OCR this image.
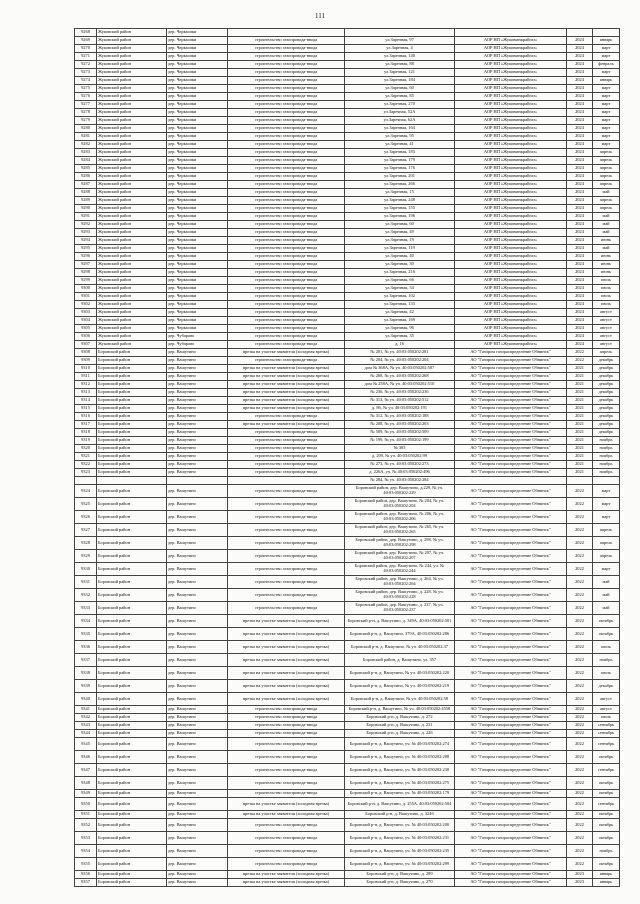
111
9268	Жуковский район	дер. Черкасики					
9269	Жуковский район	дер. Черкасики	строительство газопровода-ввода	ул.Заречная, 97	АОР НП «Жуковмежрайгаз»	2024	январь
9270	Жуковский район	дер. Черкасики	строительство газопровода-ввода	ул.Заречная, 4	АОР НП «Жуковмежрайгаз»	2024	март
9271	Жуковский район	дер. Черкасики	строительство газопровода-ввода	ул.Заречная, 140	АОР НП «Жуковмежрайгаз»	2024	март
9272	Жуковский район	дер. Черкасики	строительство газопровода-ввода	ул.Заречная, 88	АОР НП «Жуковмежрайгаз»	2024	февраль
9273	Жуковский район	дер. Черкасики	строительство газопровода-ввода	ул.Заречная, 121	АОР НП «Жуковмежрайгаз»	2024	март
9274	Жуковский район	дер. Черкасики	строительство газопровода-ввода	ул.Заречная, 184	АОР НП «Жуковмежрайгаз»	2024	январь
9275	Жуковский район	дер. Черкасики	строительство газопровода-ввода	ул.Заречная, 60	АОР НП «Жуковмежрайгаз»	2024	март
9276	Жуковский район	дер. Черкасики	строительство газопровода-ввода	ул.Заречная, 85	АОР НП «Жуковмежрайгаз»	2024	март
9277	Жуковский район	дер. Черкасики	строительство газопровода-ввода	ул.Заречная, 270	АОР НП «Жуковмежрайгаз»	2024	март
9278	Жуковский район	дер. Черкасики	строительство газопровода-ввода	ул.Заречная, 52А	АОР НП «Жуковмежрайгаз»	2024	март
9279	Жуковский район	дер. Черкасики	строительство газопровода-ввода	ул.Заречная, 62А	АОР НП «Жуковмежрайгаз»	2024	март
9280	Жуковский район	дер. Черкасики	строительство газопровода-ввода	ул.Заречная, 164	АОР НП «Жуковмежрайгаз»	2024	март
9281	Жуковский район	дер. Черкасики	строительство газопровода-ввода	ул.Заречная, 95	АОР НП «Жуковмежрайгаз»	2024	март
9282	Жуковский район	дер. Черкасики	строительство газопровода-ввода	ул.Заречная, 41	АОР НП «Жуковмежрайгаз»	2024	март
9283	Жуковский район	дер. Черкасики	строительство газопровода-ввода	ул.Заречная, 183	АОР НП «Жуковмежрайгаз»	2024	апрель
9284	Жуковский район	дер. Черкасики	строительство газопровода-ввода	ул.Заречная, 179	АОР НП «Жуковмежрайгаз»	2024	апрель
9285	Жуковский район	дер. Черкасики	строительство газопровода-ввода	ул.Заречная, 176	АОР НП «Жуковмежрайгаз»	2024	апрель
9286	Жуковский район	дер. Черкасики	строительство газопровода-ввода	ул.Заречная, 201	АОР НП «Жуковмежрайгаз»	2024	апрель
9287	Жуковский район	дер. Черкасики	строительство газопровода-ввода	ул.Заречная, 266	АОР НП «Жуковмежрайгаз»	2024	апрель
9288	Жуковский район	дер. Черкасики	строительство газопровода-ввода	ул.Заречная, 15	АОР НП «Жуковмежрайгаз»	2024	май
9289	Жуковский район	дер. Черкасики	строительство газопровода-ввода	ул.Заречная, 248	АОР НП «Жуковмежрайгаз»	2024	апрель
9290	Жуковский район	дер. Черкасики	строительство газопровода-ввода	ул.Заречная, 155	АОР НП «Жуковмежрайгаз»	2024	апрель
9291	Жуковский район	дер. Черкасики	строительство газопровода-ввода	ул.Заречная, 196	АОР НП «Жуковмежрайгаз»	2024	май
9292	Жуковский район	дер. Черкасики	строительство газопровода-ввода	ул.Заречная, 60	АОР НП «Жуковмежрайгаз»	2024	май
9293	Жуковский район	дер. Черкасики	строительство газопровода-ввода	ул.Заречная, 49	АОР НП «Жуковмежрайгаз»	2024	май
9294	Жуковский район	дер. Черкасики	строительство газопровода-ввода	ул.Заречная, 19	АОР НП «Жуковмежрайгаз»	2024	июнь
9295	Жуковский район	дер. Черкасики	строительство газопровода-ввода	ул.Заречная, 119	АОР НП «Жуковмежрайгаз»	2024	май
9296	Жуковский район	дер. Черкасики	строительство газопровода-ввода	ул.Заречная, 40	АОР НП «Жуковмежрайгаз»	2024	июнь
9297	Жуковский район	дер. Черкасики	строительство газопровода-ввода	ул.Заречная, 30	АОР НП «Жуковмежрайгаз»	2024	июнь
9298	Жуковский район	дер. Черкасики	строительство газопровода-ввода	ул.Заречная, 216	АОР НП «Жуковмежрайгаз»	2024	июнь
9299	Жуковский район	дер. Черкасики	строительство газопровода-ввода	ул.Заречная, 66	АОР НП «Жуковмежрайгаз»	2024	июль
9300	Жуковский район	дер. Черкасики	строительство газопровода-ввода	ул.Заречная, 34	АОР НП «Жуковмежрайгаз»	2024	июль
9301	Жуковский район	дер. Черкасики	строительство газопровода-ввода	ул.Заречная, 102	АОР НП «Жуковмежрайгаз»	2024	июль
9302	Жуковский район	дер. Черкасики	строительство газопровода-ввода	ул.Заречная, 133	АОР НП «Жуковмежрайгаз»	2024	июль
9303	Жуковский район	дер. Черкасики	строительство газопровода-ввода	ул.Заречная, 42	АОР НП «Жуковмежрайгаз»	2024	август
9304	Жуковский район	дер. Черкасики	строительство газопровода-ввода	ул.Заречная, 169	АОР НП «Жуковмежрайгаз»	2024	август
9305	Жуковский район	дер. Черкасики	строительство газопровода-ввода	ул.Заречная, 96	АОР НП «Жуковмежрайгаз»	2024	август
9306	Жуковский район	дер. Чубарово	строительство газопровода-ввода	ул.Заречная, 35	АОР НП «Жуковмежрайгаз»	2024	август
9307	Жуковский район	дер. Чубарово	строительство газопровода-ввода	д. 16	АОР НП «Жуковмежрайгаз»	2024	август
9308	Боровский район	дер. Вашутино	врезка на участке заявителя (холодная врезка)	№ 281, № уч. 40:03:050202:281	АО "Газпром газораспределение Обнинск"	2022	апрель
9309	Боровский район	дер. Вашутино	строительство газопровода-ввода	№ 204, № уч. 40:03:050202:204	АО "Газпром газораспределение Обнинск"	2022	декабрь
9310	Боровский район	дер. Вашутино	врезка на участке заявителя (холодная врезка)	дом № 368А, № уч. 40:03:050202:507	АО "Газпром газораспределение Обнинск"	2021	декабрь
9311	Боровский район	дер. Вашутино	врезка на участке заявителя (холодная врезка)	№ 268, № уч. 40:03:050202:268	АО "Газпром газораспределение Обнинск"	2021	декабрь
9312	Боровский район	дер. Вашутино	врезка на участке заявителя (холодная врезка)	дом № 258А, № уч. 40:03:050202:510	АО "Газпром газораспределение Обнинск"	2021	декабрь
9313	Боровский район	дер. Вашутино	врезка на участке заявителя (холодная врезка)	№ 236, № уч. 40:03:050202:236	АО "Газпром газораспределение Обнинск"	2021	декабрь
9314	Боровский район	дер. Вашутино	врезка на участке заявителя (холодная врезка)	№ 313, № уч. 40:03:050202:512	АО "Газпром газораспределение Обнинск"	2021	декабрь
9315	Боровский район	дер. Вашутино	врезка на участке заявителя (холодная врезка)	д. 8б, № уч. 40:03:050202:191	АО "Газпром газораспределение Обнинск"	2021	декабрь
9316	Боровский район	дер. Вашутино	строительство газопровода-ввода	№ 312, № уч. 40:03:050202:188	АО "Газпром газораспределение Обнинск"	2021	декабрь
9317	Боровский район	дер. Вашутино	врезка на участке заявителя (холодная врезка)	№ 208, № уч. 40:03:050202:203	АО "Газпром газораспределение Обнинск"	2021	декабрь
9318	Боровский район	дер. Вашутино	строительство газопровода-ввода	№ 509, № уч. 40:03:050202:509	АО "Газпром газораспределение Обнинск"	2021	декабрь
9319	Боровский район	дер. Вашутино	строительство газопровода-ввода	№ 199, № уч. 40:03:050202:199	АО "Газпром газораспределение Обнинск"	2021	ноябрь
9320	Боровский район	дер. Вашутино	строительство газопровода-ввода	№ 305	АО "Газпром газораспределение Обнинск"	2021	ноябрь
9321	Боровский район	дер. Вашутино	строительство газопровода-ввода	д. 209, № уч. 40:03:050202:99	АО "Газпром газораспределение Обнинск"	2021	ноябрь
9322	Боровский район	дер. Вашутино	строительство газопровода-ввода	№ 273, № уч. 40:03:050202:273	АО "Газпром газораспределение Обнинск"	2021	ноябрь
9323	Боровский район	дер. Вашутино	строительство газопровода-ввода	д. 226А, уч. № 40:03:050202:496	АО "Газпром газораспределение Обнинск"	2021	ноябрь
				№ 284, № уч. 40:03:050202:284			
9324	Боровский район	дер. Вашутино	строительство газопровода-ввода	Боровский район, дер. Вашутино, д.229, № уч. 40:03:050202:229	АО "Газпром газораспределение Обнинск"	2022	март
9325	Боровский район	дер. Вашутино	строительство газопровода-ввода	Боровский район, дер. Вашутино, № 204, № уч. 40:03:050202:204	АО "Газпром газораспределение Обнинск"	2022	март
9326	Боровский район	дер. Вашутино	строительство газопровода-ввода	Боровский район, дер. Вашутино, № 206, № уч. 40:03:050202:206	АО "Газпром газораспределение Обнинск"	2022	март
9327	Боровский район	дер. Вашутино	строительство газопровода-ввода	Боровский район, дер. Вашутино, № 265, № уч. 40:03:050202:265	АО "Газпром газораспределение Обнинск"	2022	апрель
9328	Боровский район	дер. Вашутино	строительство газопровода-ввода	Боровский район, дер. Вашутино, д. 298, № уч. 40:03:050202:298	АО "Газпром газораспределение Обнинск"	2022	апрель
9329	Боровский район	дер. Вашутино	строительство газопровода-ввода	Боровский район, дер. Вашутино, № 207, № уч. 40:03:050202:207	АО "Газпром газораспределение Обнинск"	2022	апрель
9330	Боровский район	дер. Вашутино	строительство газопровода-ввода	Боровский район, дер. Вашутино, № 244, уч. № 40:03:050202:244	АО "Газпром газораспределение Обнинск"	2022	март
9331	Боровский район	дер. Вашутино	строительство газопровода-ввода	Боровский район, дер. Вашутино, д. 264, № уч. 40:03:050202:264	АО "Газпром газораспределение Обнинск"	2022	май
9332	Боровский район	дер. Вашутино	строительство газопровода-ввода	Боровский район, дер. Вашутино, д. 228, № уч. 40:03:050202:228	АО "Газпром газораспределение Обнинск"	2022	май
9333	Боровский район	дер. Вашутино	строительство газопровода-ввода	Боровский район, дер. Вашутино, д. 237, № уч. 40:03:050202:237	АО "Газпром газораспределение Обнинск"	2022	май
9334	Боровский район	дер. Вашутино	врезка на участке заявителя (холодная врезка)	Боровский р-н, д. Вашутино, д. 349А, 40:03:050202:501	АО "Газпром газораспределение Обнинск"	2022	октябрь
9335	Боровский район	дер. Вашутино	врезка на участке заявителя (холодная врезка)	Боровский р-н, д. Вашутино, 379А, 40:03:050202:286	АО "Газпром газораспределение Обнинск"	2022	октябрь
9336	Боровский район	дер. Вашутино	врезка на участке заявителя (холодная врезка)	Боровский р-н, д. Вашутино, № уч. 40:03:050202:37	АО "Газпром газораспределение Обнинск"	2022	июль
9337	Боровский район	дер. Вашутино	врезка на участке заявителя (холодная врезка)	Боровский район, д. Вашутино, ул. 357	АО "Газпром газораспределение Обнинск"	2022	ноябрь
9338	Боровский район	дер. Вашутино	врезка на участке заявителя (холодная врезка)	Боровский р-н, д. Вашутино, № уч. 40:03:050202:220	АО "Газпром газораспределение Обнинск"	2022	июль
9339	Боровский район	дер. Вашутино	врезка на участке заявителя (холодная врезка)	Боровский р-н, д. Вашутино, № уч. 40:03:050202:219	АО "Газпром газораспределение Обнинск"	2022	декабрь
9340	Боровский район	дер. Вашутино	врезка на участке заявителя (холодная врезка)	Боровский р-н, д. Вашутино, № уч. 40:03:050202:58	АО "Газпром газораспределение Обнинск"	2022	август
9341	Боровский район	дер. Вашутино	строительство газопровода-ввода	Боровский р-н, д. Вашутино, № уч. 40:03:050202:4558	АО "Газпром газораспределение Обнинск"	2022	август
9342	Боровский район	дер. Вашутино	строительство газопровода-ввода	Боровский р-н, д. Вашутино, д. 272	АО "Газпром газораспределение Обнинск"	2022	июль
9343	Боровский район	дер. Вашутино	строительство газопровода-ввода	Боровский р-н, д. Вашутино, д. 231	АО "Газпром газораспределение Обнинск"	2022	сентябрь
9344	Боровский район	дер. Вашутино	строительство газопровода-ввода	Боровский р-н, д. Вашутино, д. 226	АО "Газпром газораспределение Обнинск"	2022	сентябрь
9345	Боровский район	дер. Вашутино	строительство газопровода-ввода	Боровский р-н, д. Вашутино, уч. № 40:03:050202:274	АО "Газпром газораспределение Обнинск"	2022	сентябрь
9346	Боровский район	дер. Вашутино	строительство газопровода-ввода	Боровский р-н, д. Вашутино, уч. № 40:03:050202:208	АО "Газпром газораспределение Обнинск"	2022	октябрь
9347	Боровский район	дер. Вашутино	строительство газопровода-ввода	Боровский р-н, д. Вашутино, уч. № 40:03:050202:230	АО "Газпром газораспределение Обнинск"	2022	сентябрь
9348	Боровский район	дер. Вашутино	строительство газопровода-ввода	Боровский р-н, д. Вашутино, уч. № 40:03:050202:275	АО "Газпром газораспределение Обнинск"	2022	октябрь
9349	Боровский район	дер. Вашутино	строительство газопровода-ввода	Боровский р-н, д. Вашутино, уч. № 40:03:050202:179	АО "Газпром газораспределение Обнинск"	2022	октябрь
9350	Боровский район	дер. Вашутино	врезка на участке заявителя (холодная врезка)	Боровский р-н, д. Вашутино, д. 255А, 40:03:050202:504	АО "Газпром газораспределение Обнинск"	2022	сентябрь
9351	Боровский район	дер. Вашутино	врезка на участке заявителя (холодная врезка)	Боровский р-н, д. Вашутино, д. 324б	АО "Газпром газораспределение Обнинск"	2022	октябрь
9352	Боровский район	дер. Вашутино	строительство газопровода-ввода	Боровский р-н, д. Вашутино, уч. № 40:03:050202:200	АО "Газпром газораспределение Обнинск"	2022	октябрь
9353	Боровский район	дер. Вашутино	строительство газопровода-ввода	Боровский р-н, д. Вашутино, уч. № 40:03:050202:231	АО "Газпром газораспределение Обнинск"	2022	октябрь
9354	Боровский район	дер. Вашутино	строительство газопровода-ввода	Боровский р-н, д. Вашутино, уч. № 40:03:050202:235	АО "Газпром газораспределение Обнинск"	2022	ноябрь
9355	Боровский район	дер. Вашутино	строительство газопровода-ввода	Боровский р-н, д. Вашутино, уч. № 40:03:050202:299	АО "Газпром газораспределение Обнинск"	2022	октябрь
9356	Боровский район	дер. Вашутино	врезка на участке заявителя (холодная врезка)	Боровский р-н, д. Вашутино, д. 289	АО "Газпром газораспределение Обнинск"	2023	январь
9357	Боровский район	дер. Вашутино	врезка на участке заявителя (холодная врезка)	Боровский р-н, д. Вашутино, д. 270	АО "Газпром газораспределение Обнинск"	2023	январь
